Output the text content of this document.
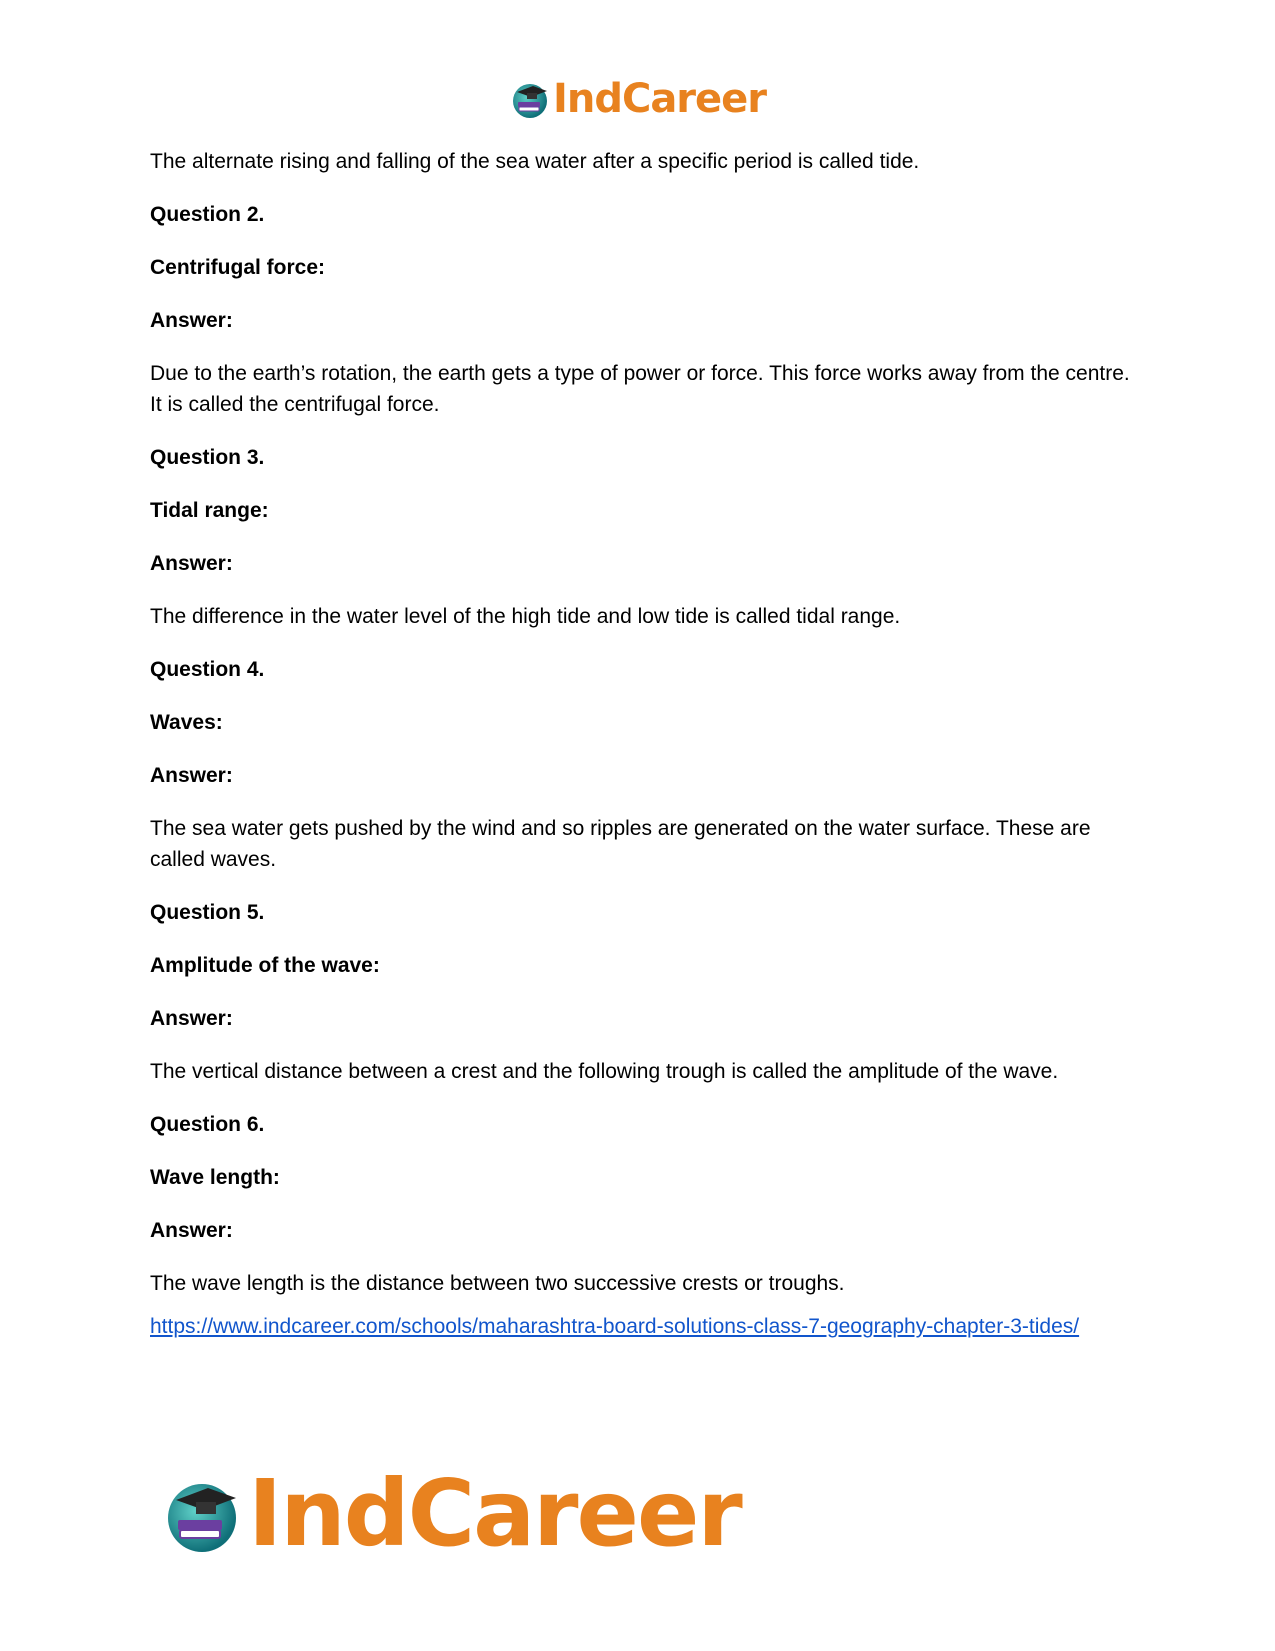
IndCareer

The alternate rising and falling of the sea water after a specific period is called tide.

Question 2.

Centrifugal force:

Answer:

Due to the earth’s rotation, the earth gets a type of power or force. This force works away from the centre. It is called the centrifugal force.

Question 3.

Tidal range:

Answer:

The difference in the water level of the high tide and low tide is called tidal range.

Question 4.

Waves:

Answer:

The sea water gets pushed by the wind and so ripples are generated on the water surface. These are called waves.

Question 5.

Amplitude of the wave:

Answer:

The vertical distance between a crest and the following trough is called the amplitude of the wave.

Question 6.

Wave length:

Answer:

The wave length is the distance between two successive crests or troughs.

https://www.indcareer.com/schools/maharashtra-board-solutions-class-7-geography-chapter-3-tides/
IndCareer
